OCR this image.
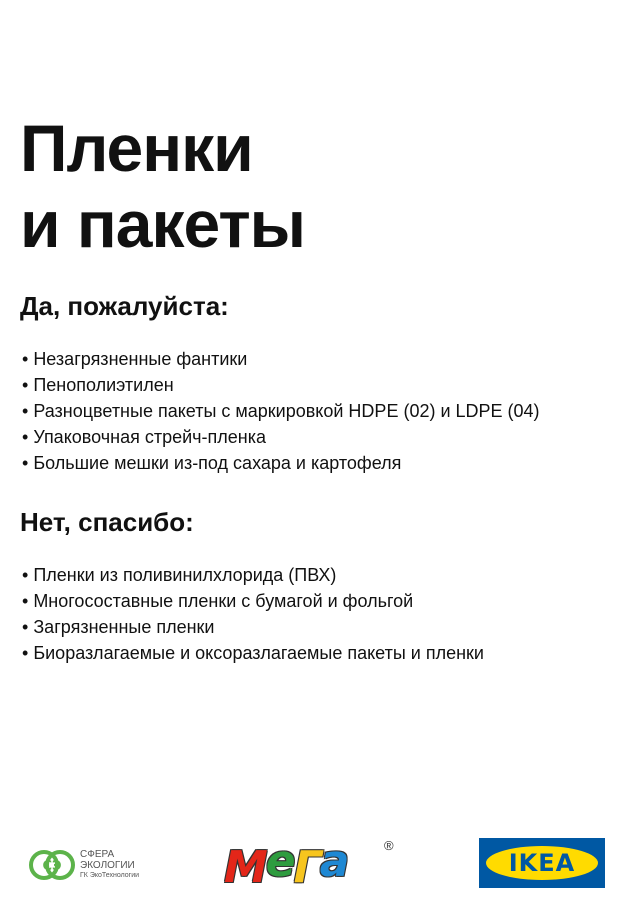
Пленки
и пакеты
Да, пожалуйста:
• Незагрязненные фантики
• Пенополиэтилен
• Разноцветные пакеты с маркировкой HDPE (02) и LDPE (04)
• Упаковочная стрейч-пленка
• Большие мешки из-под сахара и картофеля
Нет, спасибо:
• Пленки из поливинилхлорида (ПВХ)
• Многосоставные пленки с бумагой и фольгой
• Загрязненные пленки
• Биоразлагаемые и оксоразлагаемые пакеты и пленки
СЭ
СФЕРА
ЭКОЛОГИИ
ГК ЭкоТехнологии М
е
Г
а	®
IKEA
